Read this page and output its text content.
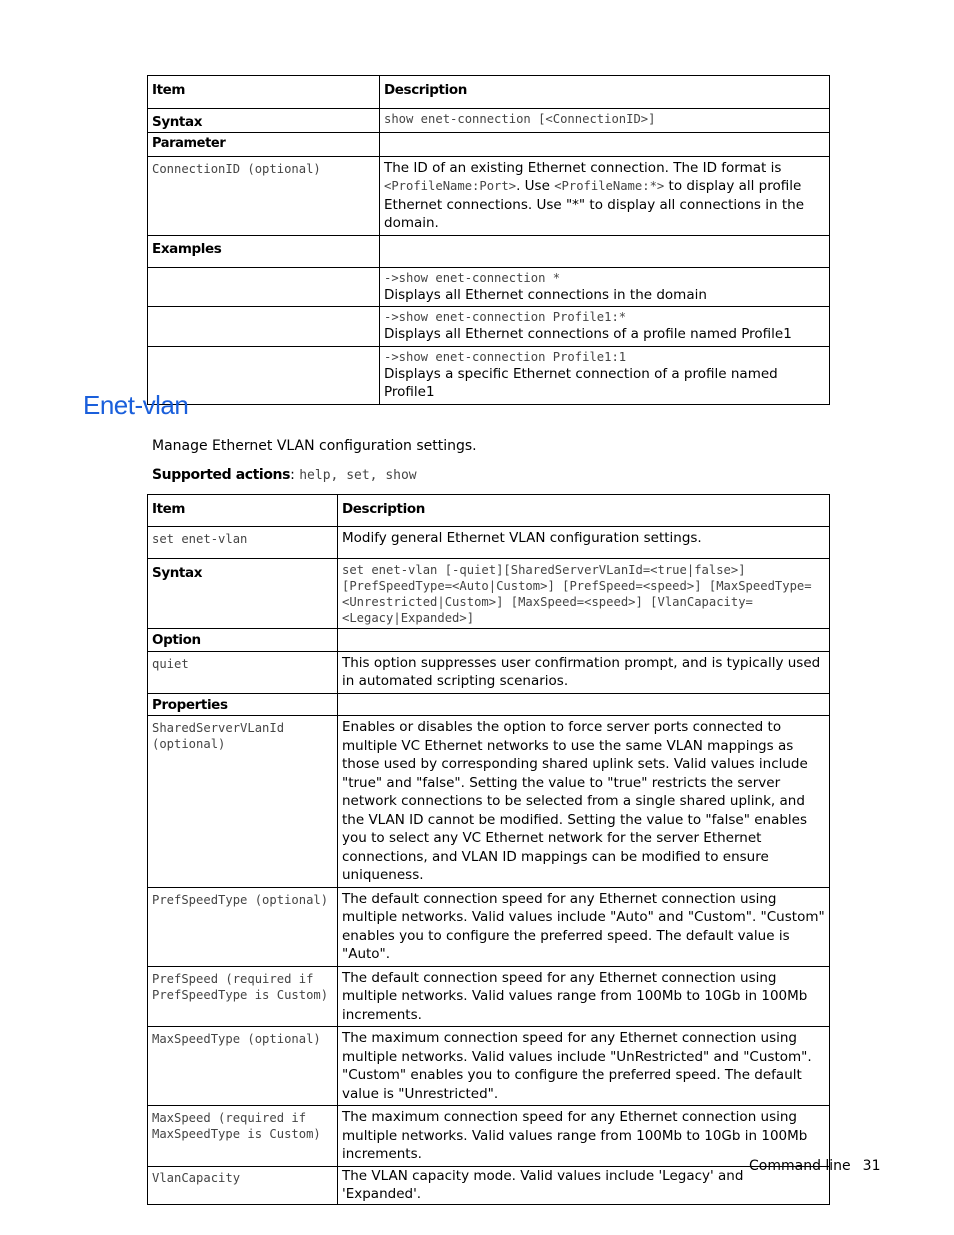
Item	Description
Syntax	show enet-connection [<ConnectionID>]
Parameter	
ConnectionID (optional)	The ID of an existing Ethernet connection. The ID format is <ProfileName:Port>. Use <ProfileName:*> to display all profile Ethernet connections. Use "*" to display all connections in the domain.
Examples	

	->show enet-connection *
Displays all Ethernet connections in the domain

	->show enet-connection Profile1:*
Displays all Ethernet connections of a profile named Profile1

	->show enet-connection Profile1:1
Displays a specific Ethernet connection of a profile named Profile1
Enet-vlan
Manage Ethernet VLAN configuration settings.
Supported actions: help, set, show
Item	Description
set enet-vlan	Modify general Ethernet VLAN configuration settings.
Syntax	set enet-vlan [-quiet][SharedServerVLanId=<true|false>] [PrefSpeedType=<Auto|Custom>] [PrefSpeed=<speed>] [MaxSpeedType=<Unrestricted|Custom>] [MaxSpeed=<speed>] [VlanCapacity=<Legacy|Expanded>]
Option	
quiet	This option suppresses user confirmation prompt, and is typically used in automated scripting scenarios.
Properties	
SharedServerVLanId (optional)	Enables or disables the option to force server ports connected to multiple VC Ethernet networks to use the same VLAN mappings as those used by corresponding shared uplink sets. Valid values include "true" and "false". Setting the value to "true" restricts the server network connections to be selected from a single shared uplink, and the VLAN ID cannot be modified. Setting the value to "false" enables you to select any VC Ethernet network for the server Ethernet connections, and VLAN ID mappings can be modified to ensure uniqueness.
PrefSpeedType (optional)	The default connection speed for any Ethernet connection using multiple networks. Valid values include "Auto" and "Custom". "Custom" enables you to configure the preferred speed. The default value is "Auto".
PrefSpeed (required if PrefSpeedType is Custom)	The default connection speed for any Ethernet connection using multiple networks. Valid values range from 100Mb to 10Gb in 100Mb increments.
MaxSpeedType (optional)	The maximum connection speed for any Ethernet connection using multiple networks. Valid values include "UnRestricted" and "Custom". "Custom" enables you to configure the preferred speed. The default value is "Unrestricted".
MaxSpeed (required if MaxSpeedType is Custom)	The maximum connection speed for any Ethernet connection using multiple networks. Valid values range from 100Mb to 10Gb in 100Mb increments.
VlanCapacity	The VLAN capacity mode. Valid values include 'Legacy' and 'Expanded'.
Command line 31
